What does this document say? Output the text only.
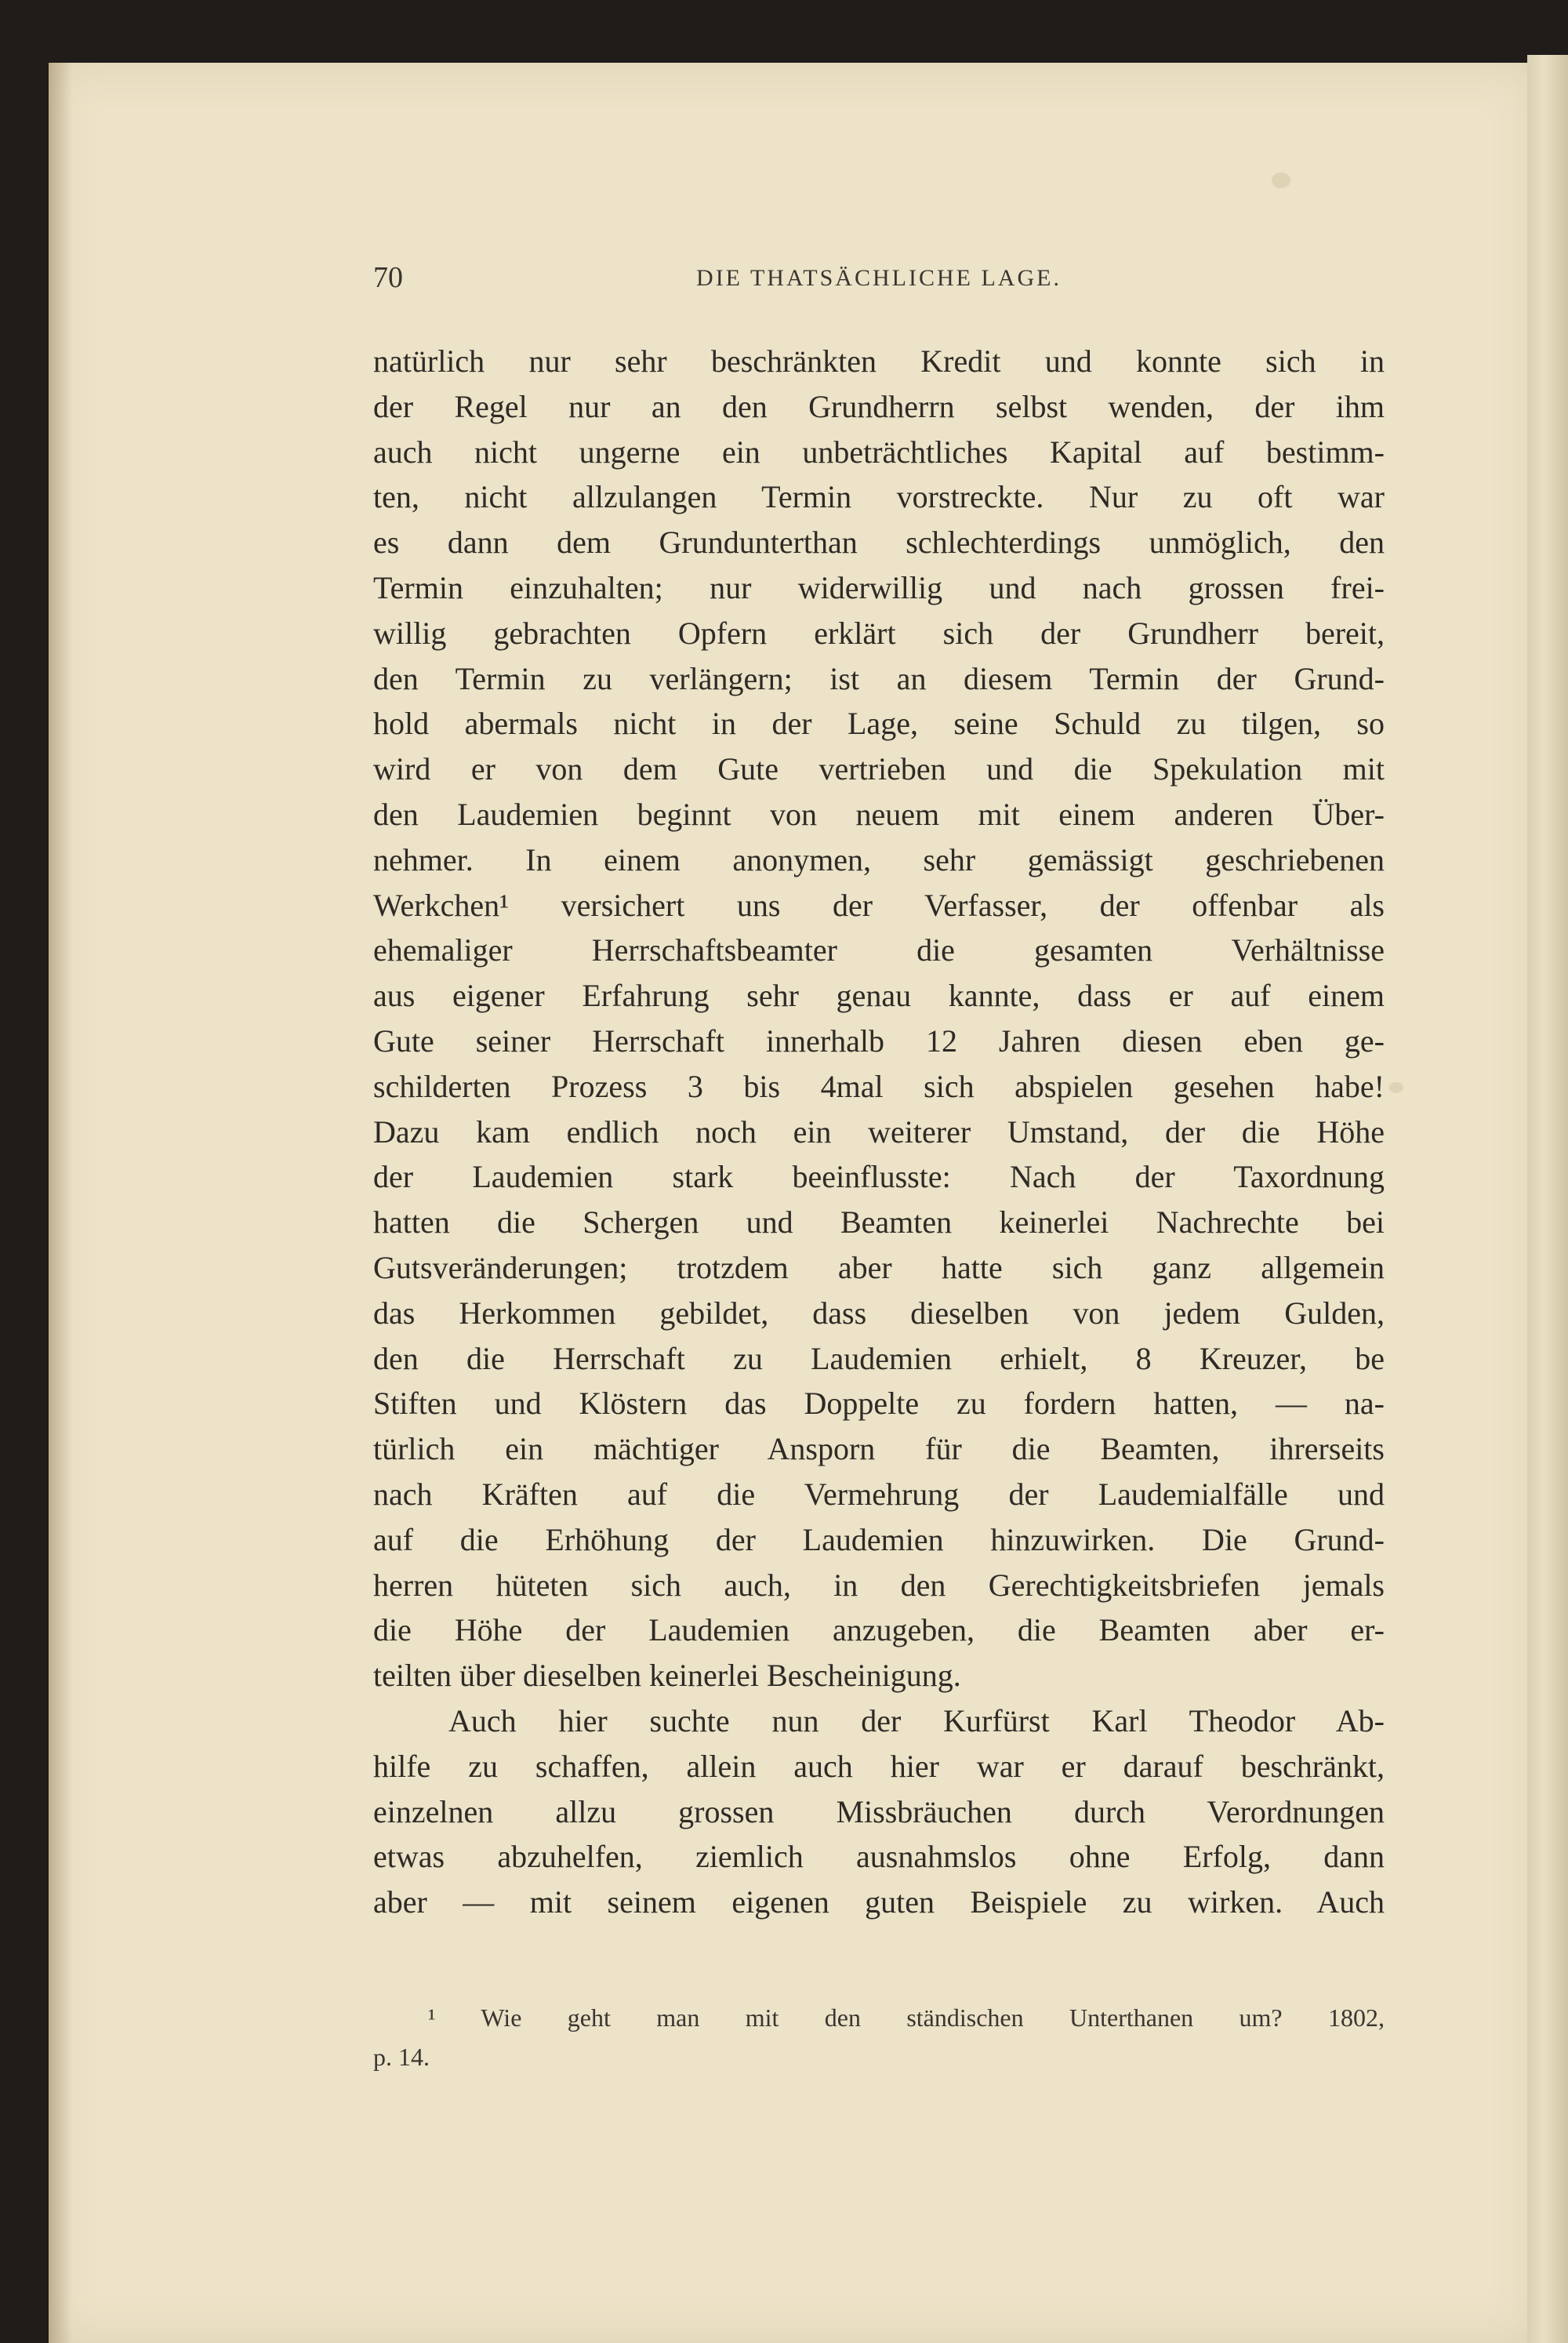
70	DIE THATSÄCHLICHE LAGE.
natürlich nur sehr beschränkten Kredit und konnte sich in
der Regel nur an den Grundherrn selbst wenden, der ihm
auch nicht ungerne ein unbeträchtliches Kapital auf bestimm-
ten, nicht allzulangen Termin vorstreckte. Nur zu oft war
es dann dem Grundunterthan schlechterdings unmöglich, den
Termin einzuhalten; nur widerwillig und nach grossen frei-
willig gebrachten Opfern erklärt sich der Grundherr bereit,
den Termin zu verlängern; ist an diesem Termin der Grund-
hold abermals nicht in der Lage, seine Schuld zu tilgen, so
wird er von dem Gute vertrieben und die Spekulation mit
den Laudemien beginnt von neuem mit einem anderen Über-
nehmer. In einem anonymen, sehr gemässigt geschriebenen
Werkchen¹ versichert uns der Verfasser, der offenbar als
ehemaliger Herrschaftsbeamter die gesamten Verhältnisse
aus eigener Erfahrung sehr genau kannte, dass er auf einem
Gute seiner Herrschaft innerhalb 12 Jahren diesen eben ge-
schilderten Prozess 3 bis 4mal sich abspielen gesehen habe!
Dazu kam endlich noch ein weiterer Umstand, der die Höhe
der Laudemien stark beeinflusste: Nach der Taxordnung
hatten die Schergen und Beamten keinerlei Nachrechte bei
Gutsveränderungen; trotzdem aber hatte sich ganz allgemein
das Herkommen gebildet, dass dieselben von jedem Gulden,
den die Herrschaft zu Laudemien erhielt, 8 Kreuzer, be
Stiften und Klöstern das Doppelte zu fordern hatten, — na-
türlich ein mächtiger Ansporn für die Beamten, ihrerseits
nach Kräften auf die Vermehrung der Laudemialfälle und
auf die Erhöhung der Laudemien hinzuwirken. Die Grund-
herren hüteten sich auch, in den Gerechtigkeitsbriefen jemals
die Höhe der Laudemien anzugeben, die Beamten aber er-
teilten über dieselben keinerlei Bescheinigung.
Auch hier suchte nun der Kurfürst Karl Theodor Ab-
hilfe zu schaffen, allein auch hier war er darauf beschränkt,
einzelnen allzu grossen Missbräuchen durch Verordnungen
etwas abzuhelfen, ziemlich ausnahmslos ohne Erfolg, dann
aber — mit seinem eigenen guten Beispiele zu wirken. Auch
¹ Wie geht man mit den ständischen Unterthanen um? 1802,
p. 14.
